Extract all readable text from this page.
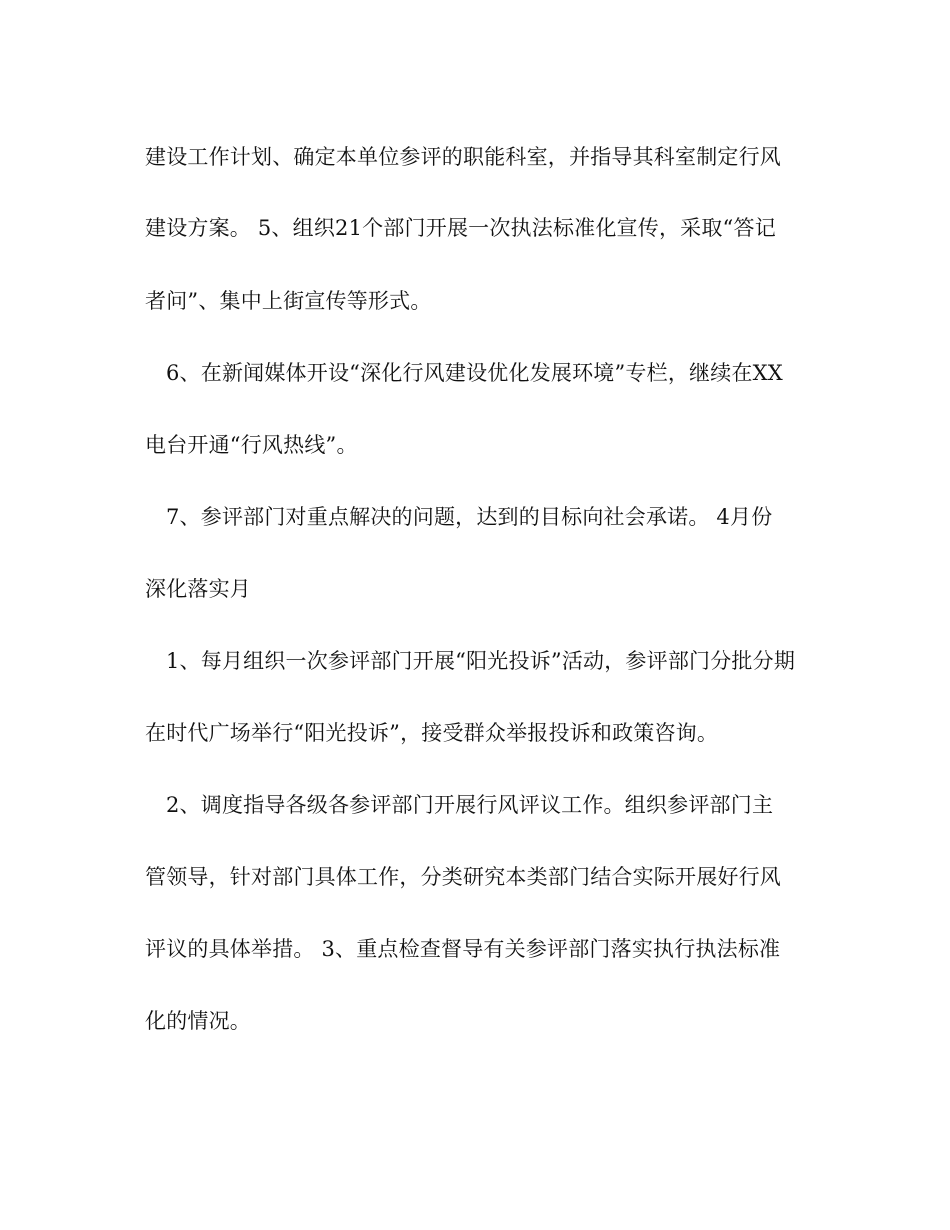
建设工作计划、确定本单位参评的职能科室，并指导其科室制定行风
建设方案。 5、组织21个部门开展一次执法标准化宣传，采取“答记
者问”、集中上街宣传等形式。
6、在新闻媒体开设“深化行风建设优化发展环境”专栏，继续在XX
电台开通“行风热线”。
7、参评部门对重点解决的问题，达到的目标向社会承诺。 4月份
深化落实月
1、每月组织一次参评部门开展“阳光投诉”活动，参评部门分批分期
在时代广场举行“阳光投诉”，接受群众举报投诉和政策咨询。
2、调度指导各级各参评部门开展行风评议工作。组织参评部门主
管领导，针对部门具体工作，分类研究本类部门结合实际开展好行风
评议的具体举措。 3、重点检查督导有关参评部门落实执行执法标准
化的情况。
